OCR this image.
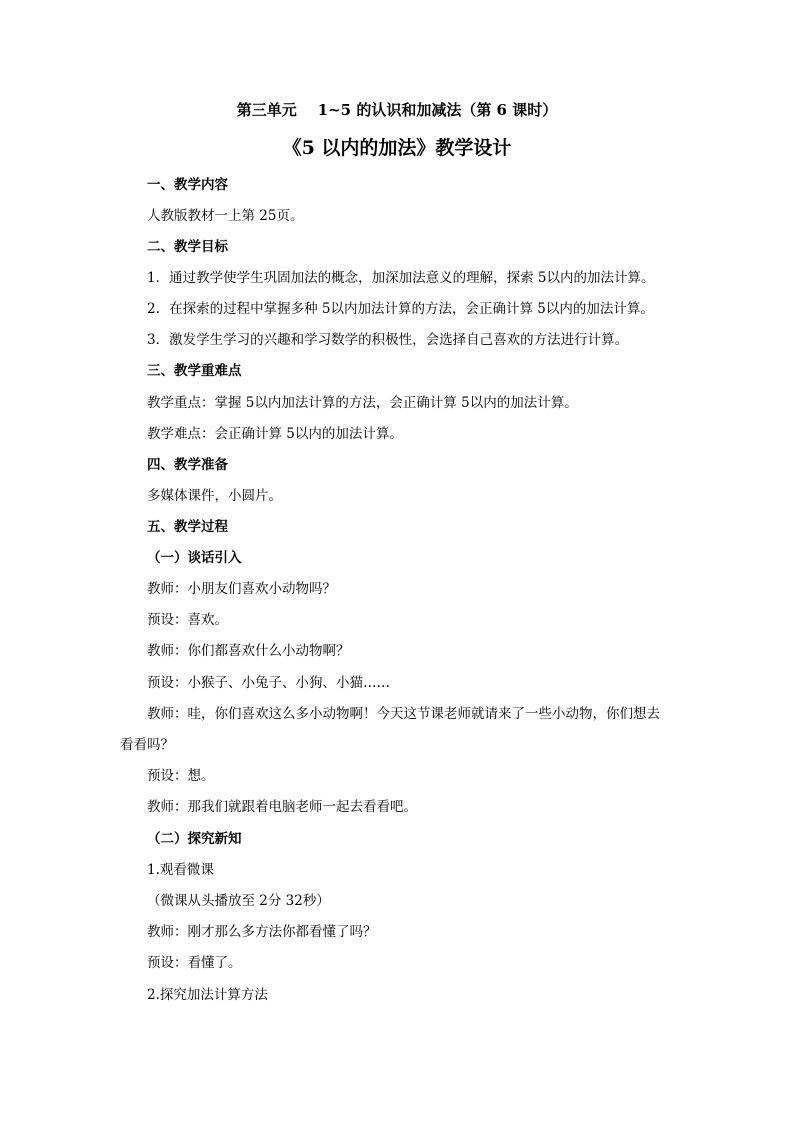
第三单元    1~5 的认识和加减法（第 6 课时）
《5 以内的加法》教学设计
一、教学内容
人教版教材一上第 25页。
二、教学目标
1．通过教学使学生巩固加法的概念，加深加法意义的理解，探索 5以内的加法计算。
2．在探索的过程中掌握多种 5以内加法计算的方法，会正确计算 5以内的加法计算。
3．激发学生学习的兴趣和学习数学的积极性，会选择自己喜欢的方法进行计算。
三、教学重难点
教学重点：掌握 5以内加法计算的方法，会正确计算 5以内的加法计算。
教学难点：会正确计算 5以内的加法计算。
四、教学准备
多媒体课件，小圆片。
五、教学过程
（一）谈话引入
教师：小朋友们喜欢小动物吗？
预设：喜欢。
教师：你们都喜欢什么小动物啊？
预设：小猴子、小兔子、小狗、小猫……
教师：哇，你们喜欢这么多小动物啊！今天这节课老师就请来了一些小动物，你们想去
看看吗？
预设：想。
教师：那我们就跟着电脑老师一起去看看吧。
（二）探究新知
1.观看微课
（微课从头播放至 2分 32秒）
教师：刚才那么多方法你都看懂了吗？
预设：看懂了。
2.探究加法计算方法
